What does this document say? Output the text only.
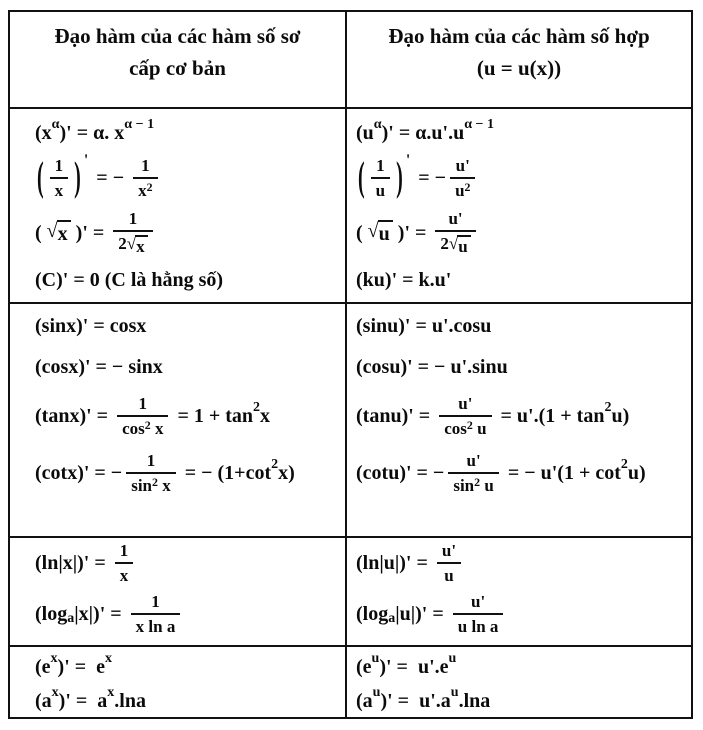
Đạo hàm của các hàm số sơ
cấp cơ bản

Đạo hàm của các hàm số hợp
(u = u(x))

(x α )' = α. x α − 1
( $\frac{1}{x}$ ) '
= − $\frac{1}{x^2}$
( √ x )' = $\frac{1}{2 √ x}$
(C)' = 0 (C là hằng số)

(u α )' = α.u'.u α − 1
( $\frac{1}{u}$ ) '
= − $\frac{u'}{u^2}$
( √ u )' = $\frac{u'}{2 √ u}$
(ku)' = k.u'

(sinx)' = cosx
(cosx)' = − sinx
$(\tan x)' = \frac{1}{\cos^2 x} = 1 + \tan 2$ x
(cotx)' = − $\frac{1}{\sin^2 x}$ = − (1+cot 2 x)

(sinu)' = u'.cosu
(cosu)' = − u'.sinu
$(\tan u)' = \frac{u'}{\cos^2 u} = u'.(1 + \tan 2$ u)
(cotu)' = − $\frac{u'}{\sin^2 u}$ = − u'(1 + cot 2 u)

$(\ln|x|)' = \frac{1}{x}$
(log a $|x|)' = \frac{1}{\text{x ln a}}$

$(\ln|u|)' = \frac{u'}{u}$
(log a $|u|)' = \frac{u'}{\text{u ln a}}$

(e x )' =  e x
(a x )' =  a x .lna

(e u )' =  u'.e u
(a u )' =  u'.a u .lna
